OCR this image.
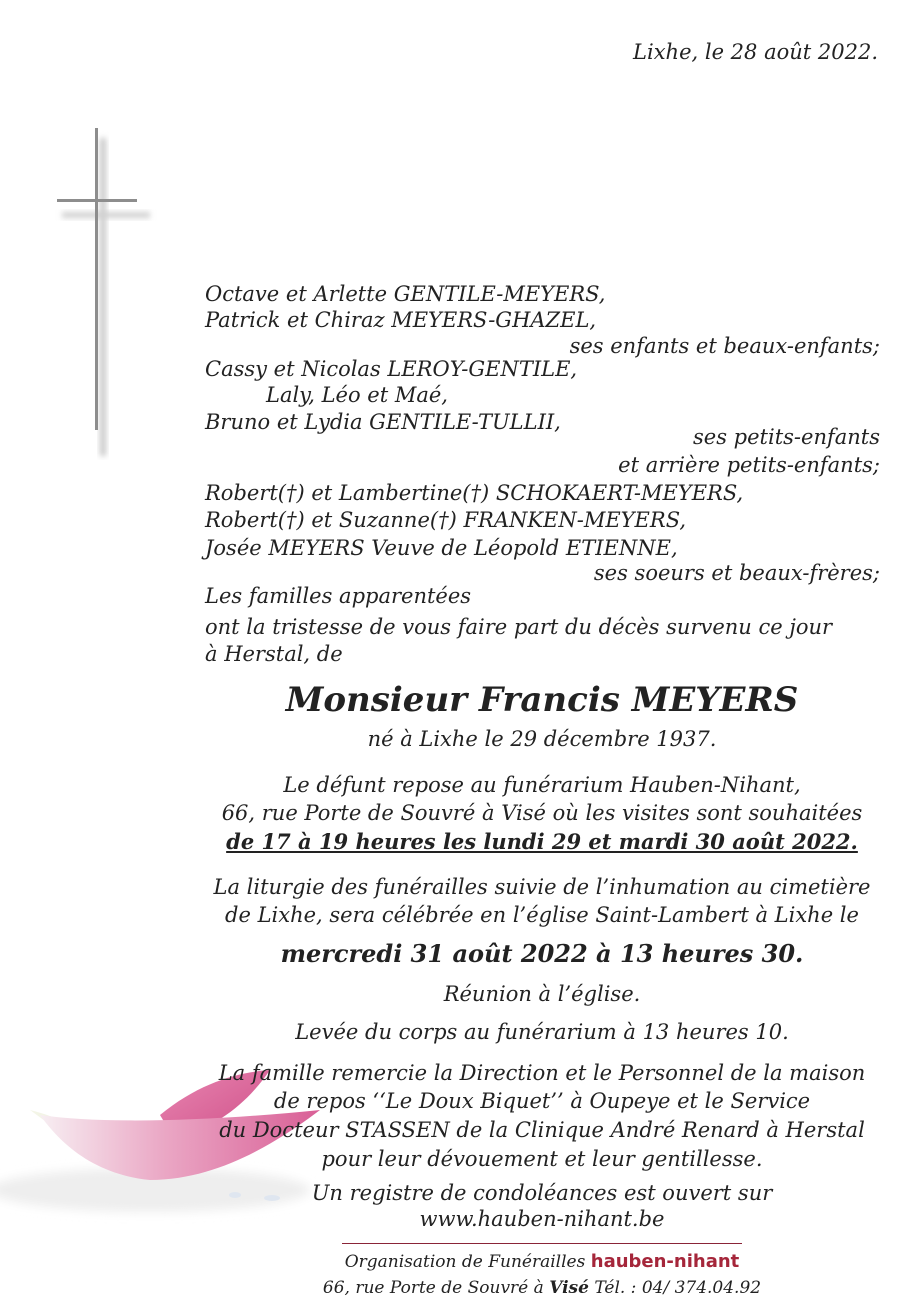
Lixhe, le 28 août 2022.
Octave et Arlette GENTILE-MEYERS,
Patrick et Chiraz MEYERS-GHAZEL,
ses enfants et beaux-enfants;
Cassy et Nicolas LEROY-GENTILE,
Laly, Léo et Maé,
Bruno et Lydia GENTILE-TULLII,
ses petits-enfants
et arrière petits-enfants;
Robert(†) et Lambertine(†) SCHOKAERT-MEYERS,
Robert(†) et Suzanne(†) FRANKEN-MEYERS,
Josée MEYERS Veuve de Léopold ETIENNE,
ses soeurs et beaux-frères;
Les familles apparentées
ont la tristesse de vous faire part du décès survenu ce jour
à Herstal, de
Monsieur Francis MEYERS
né à Lixhe le 29 décembre 1937.
Le défunt repose au funérarium Hauben-Nihant,
66, rue Porte de Souvré à Visé où les visites sont souhaitées
de 17 à 19 heures les lundi 29 et mardi 30 août 2022.
La liturgie des funérailles suivie de l’inhumation au cimetière
de Lixhe, sera célébrée en l’église Saint-Lambert à Lixhe le
mercredi 31 août 2022 à 13 heures 30.
Réunion à l’église.
Levée du corps au funérarium à 13 heures 10.
La famille remercie la Direction et le Personnel de la maison
de repos ‘‘Le Doux Biquet’’ à Oupeye et le Service
du Docteur STASSEN de la Clinique André Renard à Herstal
pour leur dévouement et leur gentillesse.
Un registre de condoléances est ouvert sur
www.hauben-nihant.be
Organisation de Funérailles hauben-nihant
66, rue Porte de Souvré à Visé Tél. : 04/ 374.04.92
